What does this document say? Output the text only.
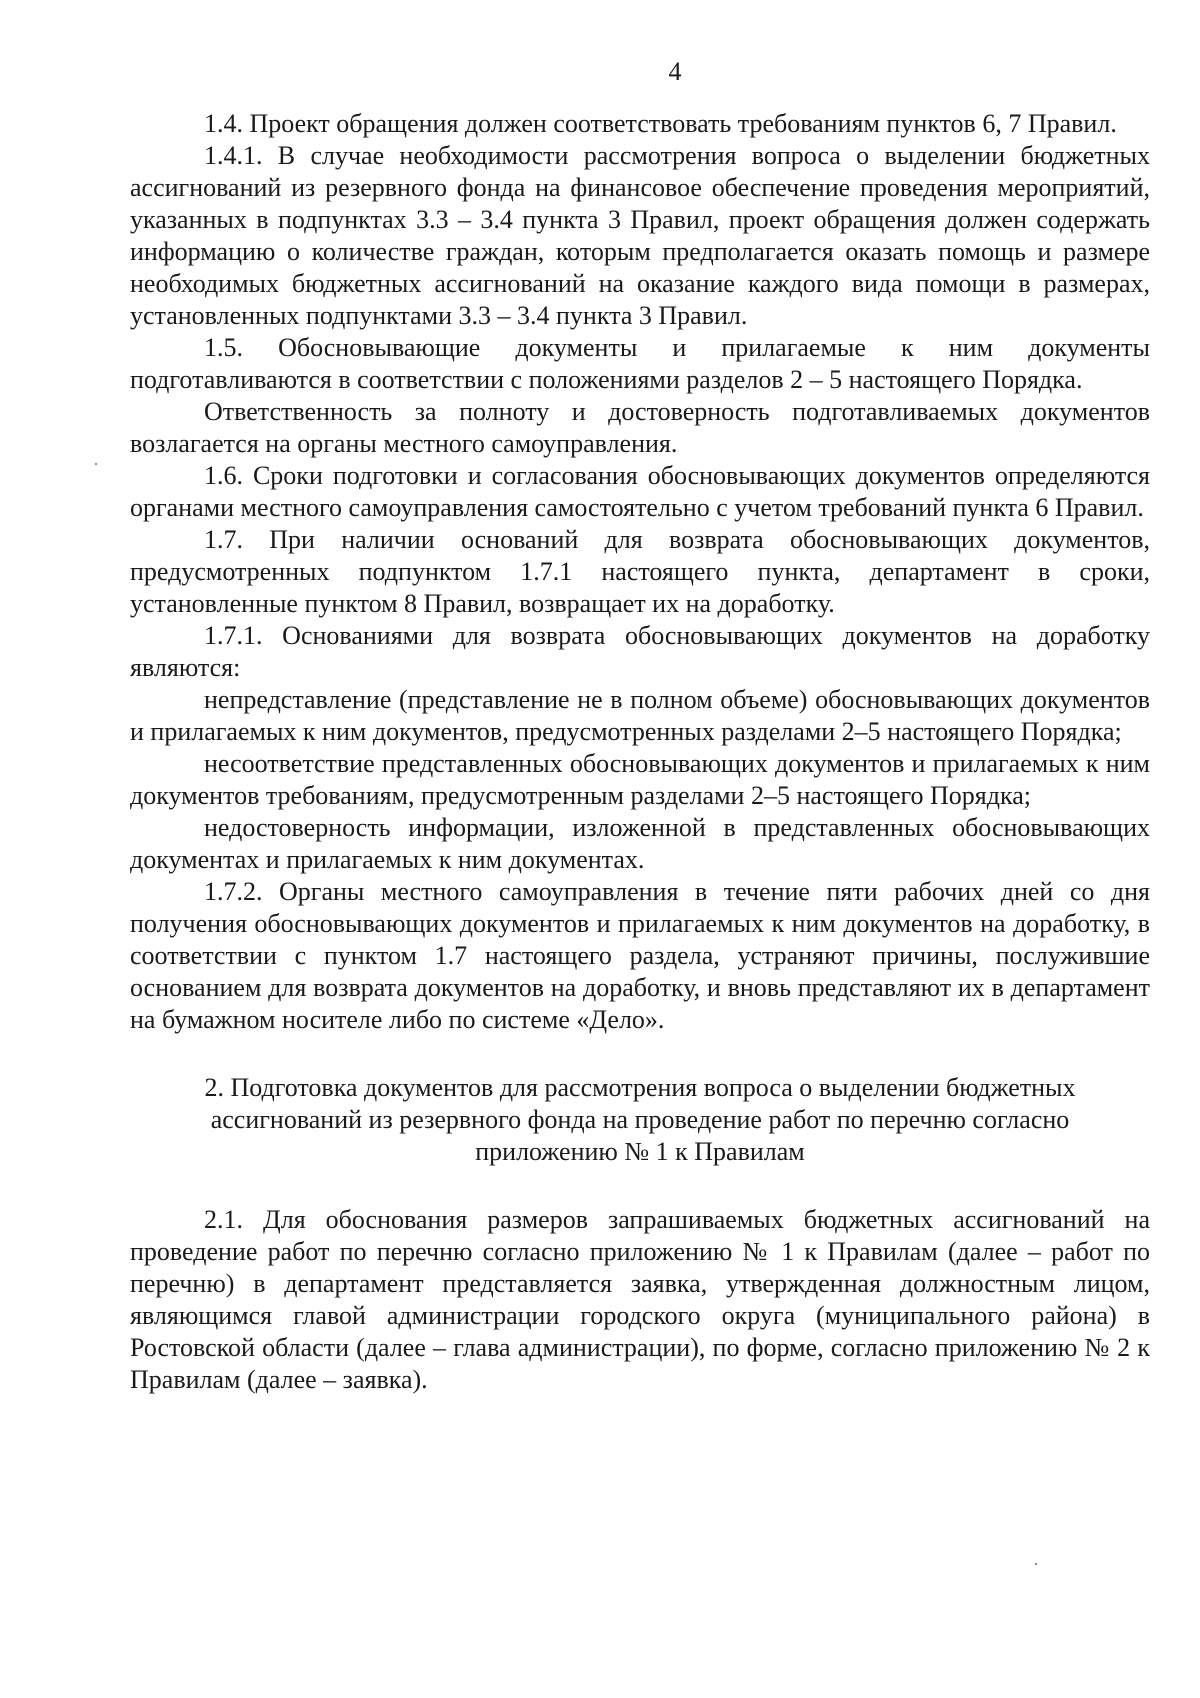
4

1.4. Проект обращения должен соответствовать требованиям пунктов 6, 7 Правил.

1.4.1. В случае необходимости рассмотрения вопроса о выделении бюджетных ассигнований из резервного фонда на финансовое обеспечение проведения мероприятий, указанных в подпунктах 3.3 – 3.4 пункта 3 Правил, проект обращения должен содержать информацию о количестве граждан, которым предполагается оказать помощь и размере необходимых бюджетных ассигнований на оказание каждого вида помощи в размерах, установленных подпунктами 3.3 – 3.4 пункта 3 Правил.

1.5. Обосновывающие документы и прилагаемые к ним документы подготавливаются в соответствии с положениями разделов 2 – 5 настоящего Порядка.

Ответственность за полноту и достоверность подготавливаемых документов возлагается на органы местного самоуправления.

1.6. Сроки подготовки и согласования обосновывающих документов определяются органами местного самоуправления самостоятельно с учетом требований пункта 6 Правил.

1.7. При наличии оснований для возврата обосновывающих документов, предусмотренных подпунктом 1.7.1 настоящего пункта, департамент в сроки, установленные пунктом 8 Правил, возвращает их на доработку.

1.7.1. Основаниями для возврата обосновывающих документов на доработку являются:

непредставление (представление не в полном объеме) обосновывающих документов и прилагаемых к ним документов, предусмотренных разделами 2–5 настоящего Порядка;

несоответствие представленных обосновывающих документов и прилагаемых к ним документов требованиям, предусмотренным разделами 2–5 настоящего Порядка;

недостоверность информации, изложенной в представленных обосновывающих документах и прилагаемых к ним документах.

1.7.2. Органы местного самоуправления в течение пяти рабочих дней со дня получения обосновывающих документов и прилагаемых к ним документов на доработку, в соответствии с пунктом 1.7 настоящего раздела, устраняют причины, послужившие основанием для возврата документов на доработку, и вновь представляют их в департамент на бумажном носителе либо по системе «Дело».

2. Подготовка документов для рассмотрения вопроса о выделении бюджетных ассигнований из резервного фонда на проведение работ по перечню согласно приложению № 1 к Правилам

2.1. Для обоснования размеров запрашиваемых бюджетных ассигнований на проведение работ по перечню согласно приложению № 1 к Правилам (далее – работ по перечню) в департамент представляется заявка, утвержденная должностным лицом, являющимся главой администрации городского округа (муниципального района) в Ростовской области (далее – глава администрации), по форме, согласно приложению № 2 к Правилам (далее – заявка).
